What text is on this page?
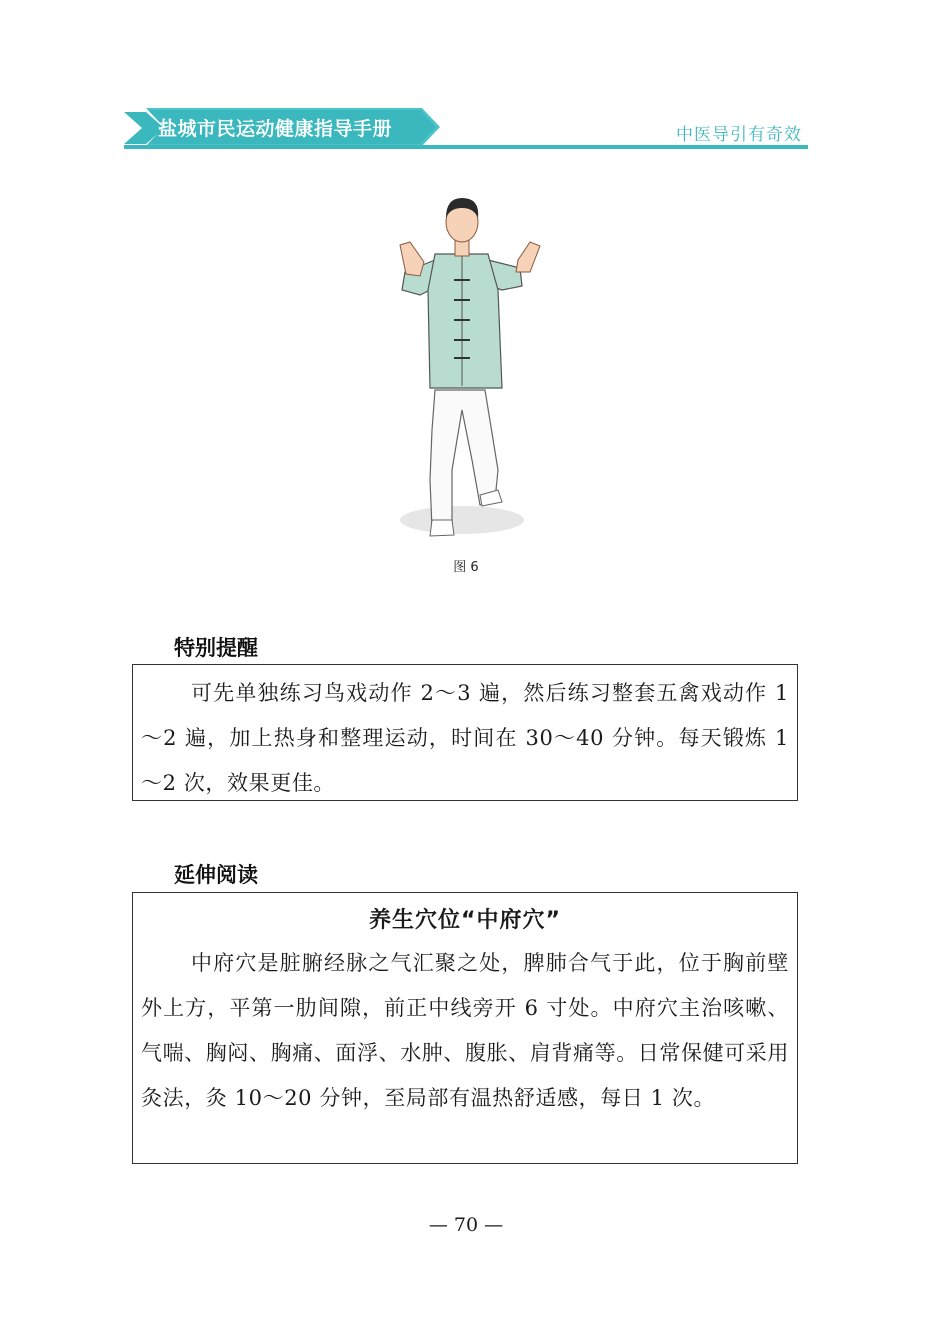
盐城市民运动健康指导手册	中医导引有奇效
图 6
特别提醒

可先单独练习鸟戏动作 2～3 遍，然后练习整套五禽戏动作 1～2 遍，加上热身和整理运动，时间在 30～40 分钟。每天锻炼 1～2 次，效果更佳。

延伸阅读
养生穴位“中府穴”

中府穴是脏腑经脉之气汇聚之处，脾肺合气于此，位于胸前壁外上方，平第一肋间隙，前正中线旁开 6 寸处。中府穴主治咳嗽、气喘、胸闷、胸痛、面浮、水肿、腹胀、肩背痛等。日常保健可采用灸法，灸 10～20 分钟，至局部有温热舒适感，每日 1 次。

— 70 —
